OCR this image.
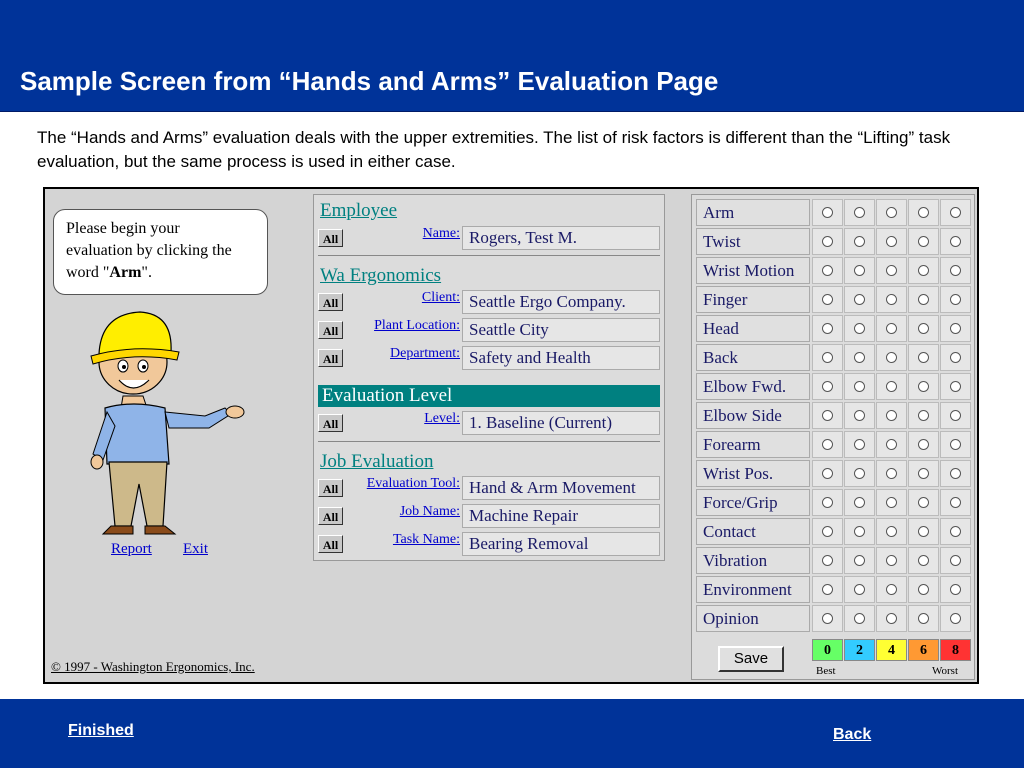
Sample Screen from “Hands and Arms” Evaluation Page
The “Hands and Arms” evaluation deals with the upper extremities. The list of risk factors is different than the “Lifting” task evaluation, but the same process is used in either case.
Please begin your
evaluation by clicking the
word "Arm".
Report Exit
© 1997 - Washington Ergonomics, Inc.
Employee
All	Name: Rogers, Test M.
Wa Ergonomics
All	Client: Seattle Ergo Company.
All	Plant Location: Seattle City
All	Department: Safety and Health
Evaluation Level
All	Level: 1. Baseline (Current)
Job Evaluation
All	Evaluation Tool: Hand & Arm Movement
All	Job Name: Machine Repair
All	Task Name: Bearing Removal
Save
Best	Worst
Arm
Twist
Wrist Motion
Finger
Head
Back
Elbow Fwd.
Elbow Side
Forearm
Wrist Pos.
Force/Grip
Contact
Vibration
Environment
Opinion
0	2	4	6	8
Finished	Back
